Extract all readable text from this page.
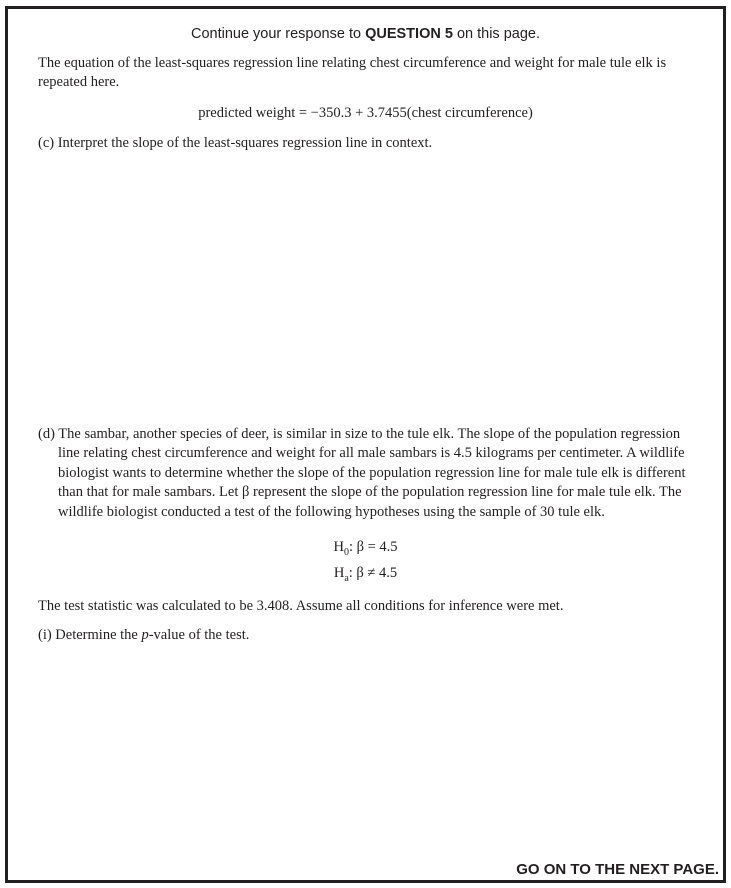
Continue your response to QUESTION 5 on this page.
The equation of the least-squares regression line relating chest circumference and weight for male tule elk is repeated here.
predicted weight = −350.3 + 3.7455(chest circumference)
(c) Interpret the slope of the least-squares regression line in context.
(d) The sambar, another species of deer, is similar in size to the tule elk. The slope of the population regression line relating chest circumference and weight for all male sambars is 4.5 kilograms per centimeter. A wildlife biologist wants to determine whether the slope of the population regression line for male tule elk is different than that for male sambars. Let β represent the slope of the population regression line for male tule elk. The wildlife biologist conducted a test of the following hypotheses using the sample of 30 tule elk.
$H_0$: β = 4.5
$H_a$: β ≠ 4.5
The test statistic was calculated to be 3.408. Assume all conditions for inference were met.
(i) Determine the p-value of the test.
GO ON TO THE NEXT PAGE.
